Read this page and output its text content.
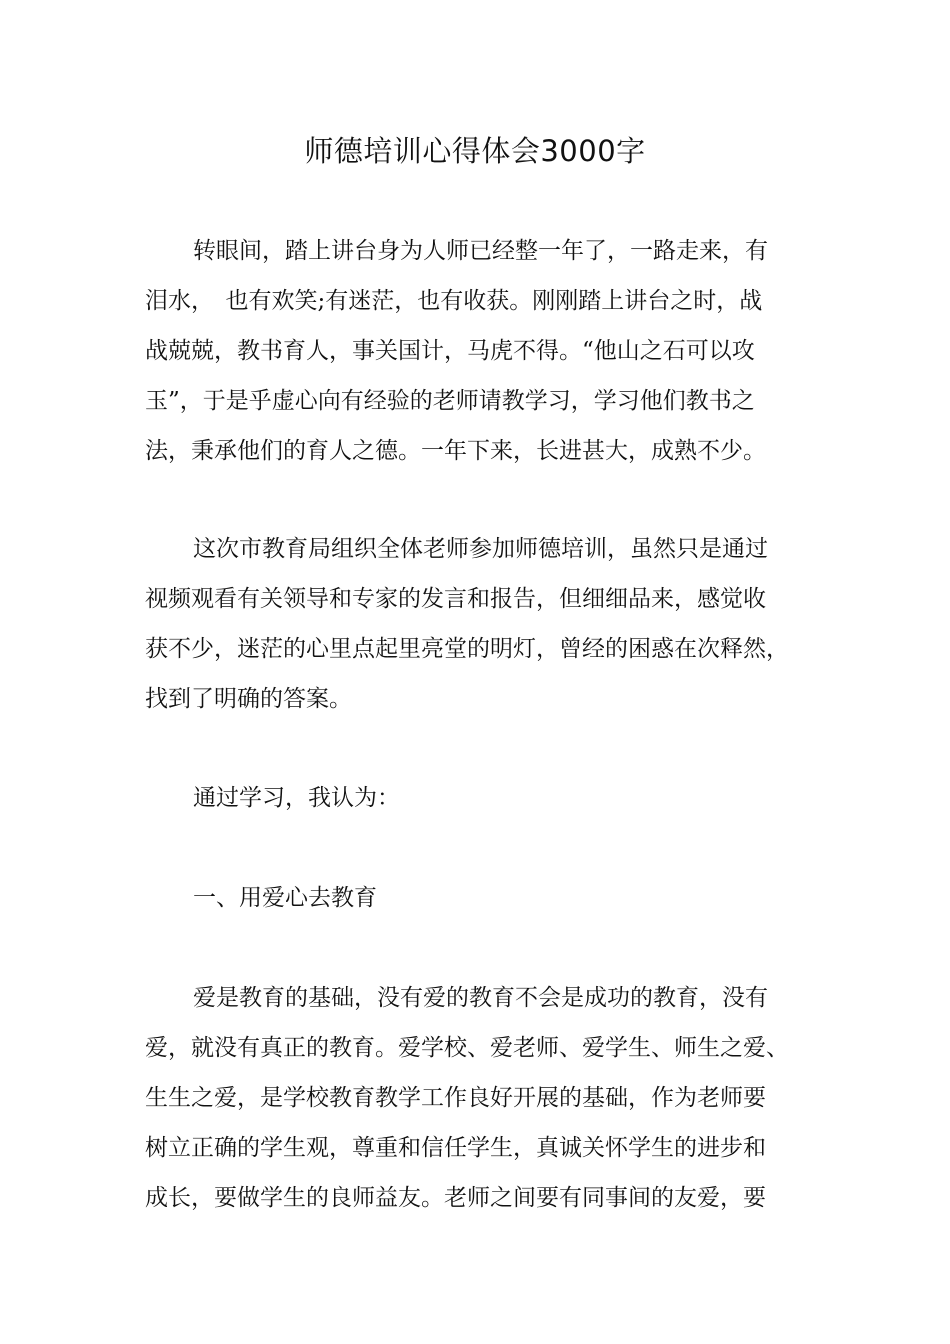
师德培训心得体会3000字
转眼间，踏上讲台身为人师已经整一年了，一路走来，有
泪水，　也有欢笑;有迷茫，也有收获。刚刚踏上讲台之时，战
战兢兢，教书育人，事关国计，马虎不得。“他山之石可以攻
玉”，于是乎虚心向有经验的老师请教学习，学习他们教书之
法，秉承他们的育人之德。一年下来，长进甚大，成熟不少。
这次市教育局组织全体老师参加师德培训，虽然只是通过
视频观看有关领导和专家的发言和报告，但细细品来，感觉收
获不少，迷茫的心里点起里亮堂的明灯，曾经的困惑在次释然，
找到了明确的答案。
通过学习，我认为：
一、用爱心去教育
爱是教育的基础，没有爱的教育不会是成功的教育，没有
爱，就没有真正的教育。爱学校、爱老师、爱学生、师生之爱、
生生之爱，是学校教育教学工作良好开展的基础，作为老师要
树立正确的学生观，尊重和信任学生，真诚关怀学生的进步和
成长，要做学生的良师益友。老师之间要有同事间的友爱，要
